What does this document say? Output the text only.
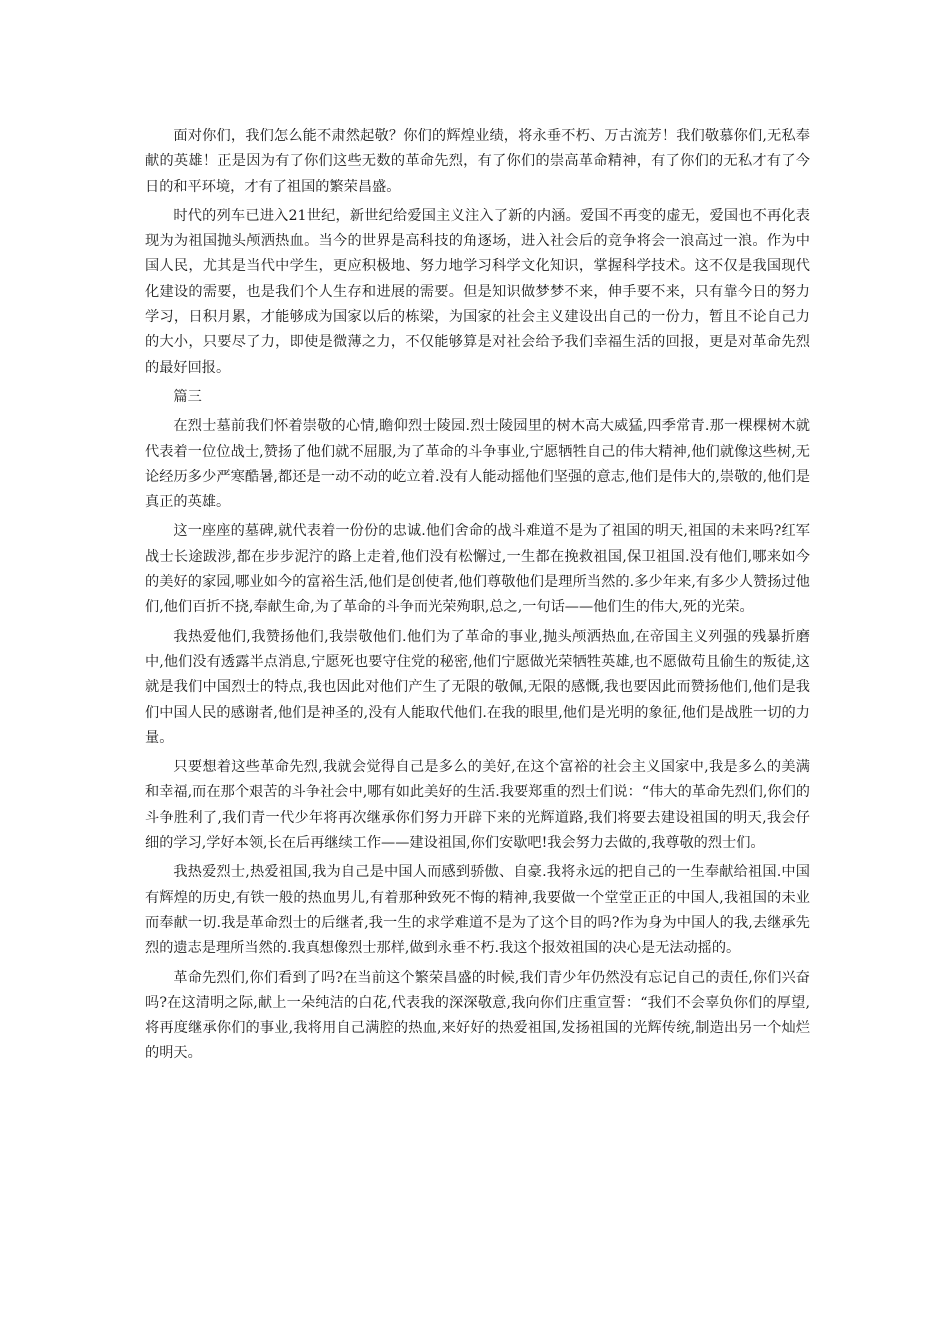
面对你们，我们怎么能不肃然起敬？你们的辉煌业绩，将永垂不朽、万古流芳！我们敬慕你们,无私奉献的英雄！正是因为有了你们这些无数的革命先烈，有了你们的崇高革命精神，有了你们的无私才有了今日的和平环境，才有了祖国的繁荣昌盛。

时代的列车已进入21世纪，新世纪给爱国主义注入了新的内涵。爱国不再变的虚无，爱国也不再化表现为为祖国抛头颅洒热血。当今的世界是高科技的角逐场，进入社会后的竞争将会一浪高过一浪。作为中国人民，尤其是当代中学生，更应积极地、努力地学习科学文化知识，掌握科学技术。这不仅是我国现代化建设的需要，也是我们个人生存和进展的需要。但是知识做梦梦不来，伸手要不来，只有靠今日的努力学习，日积月累，才能够成为国家以后的栋梁，为国家的社会主义建设出自己的一份力，暂且不论自己力的大小，只要尽了力，即使是微薄之力，不仅能够算是对社会给予我们幸福生活的回报，更是对革命先烈的最好回报。

篇三

在烈士墓前我们怀着崇敬的心情,瞻仰烈士陵园.烈士陵园里的树木高大威猛,四季常青.那一棵棵树木就代表着一位位战士,赞扬了他们就不屈服,为了革命的斗争事业,宁愿牺牲自己的伟大精神,他们就像这些树,无论经历多少严寒酷暑,都还是一动不动的屹立着.没有人能动摇他们坚强的意志,他们是伟大的,崇敬的,他们是真正的英雄。

这一座座的墓碑,就代表着一份份的忠诚.他们舍命的战斗难道不是为了祖国的明天,祖国的未来吗?红军战士长途跋涉,都在步步泥泞的路上走着,他们没有松懈过,一生都在挽救祖国,保卫祖国.没有他们,哪来如今的美好的家园,哪业如今的富裕生活,他们是创使者,他们尊敬他们是理所当然的.多少年来,有多少人赞扬过他们,他们百折不挠,奉献生命,为了革命的斗争而光荣殉职,总之,一句话——他们生的伟大,死的光荣。

我热爱他们,我赞扬他们,我崇敬他们.他们为了革命的事业,抛头颅洒热血,在帝国主义列强的残暴折磨中,他们没有透露半点消息,宁愿死也要守住党的秘密,他们宁愿做光荣牺牲英雄,也不愿做苟且偷生的叛徒,这就是我们中国烈士的特点,我也因此对他们产生了无限的敬佩,无限的感慨,我也要因此而赞扬他们,他们是我们中国人民的感谢者,他们是神圣的,没有人能取代他们.在我的眼里,他们是光明的象征,他们是战胜一切的力量。

只要想着这些革命先烈,我就会觉得自己是多么的美好,在这个富裕的社会主义国家中,我是多么的美满和幸福,而在那个艰苦的斗争社会中,哪有如此美好的生活.我要郑重的烈士们说：“伟大的革命先烈们,你们的斗争胜利了,我们青一代少年将再次继承你们努力开辟下来的光辉道路,我们将要去建设祖国的明天,我会仔细的学习,学好本领,长在后再继续工作——建设祖国,你们安歇吧!我会努力去做的,我尊敬的烈士们。

我热爱烈士,热爱祖国,我为自己是中国人而感到骄傲、自豪.我将永远的把自己的一生奉献给祖国.中国有辉煌的历史,有铁一般的热血男儿,有着那种致死不悔的精神,我要做一个堂堂正正的中国人,我祖国的未业而奉献一切.我是革命烈士的后继者,我一生的求学难道不是为了这个目的吗?作为身为中国人的我,去继承先烈的遗志是理所当然的.我真想像烈士那样,做到永垂不朽.我这个报效祖国的决心是无法动摇的。

革命先烈们,你们看到了吗?在当前这个繁荣昌盛的时候,我们青少年仍然没有忘记自己的责任,你们兴奋吗?在这清明之际,献上一朵纯洁的白花,代表我的深深敬意,我向你们庄重宣誓：“我们不会辜负你们的厚望,将再度继承你们的事业,我将用自己满腔的热血,来好好的热爱祖国,发扬祖国的光辉传统,制造出另一个灿烂的明天。
